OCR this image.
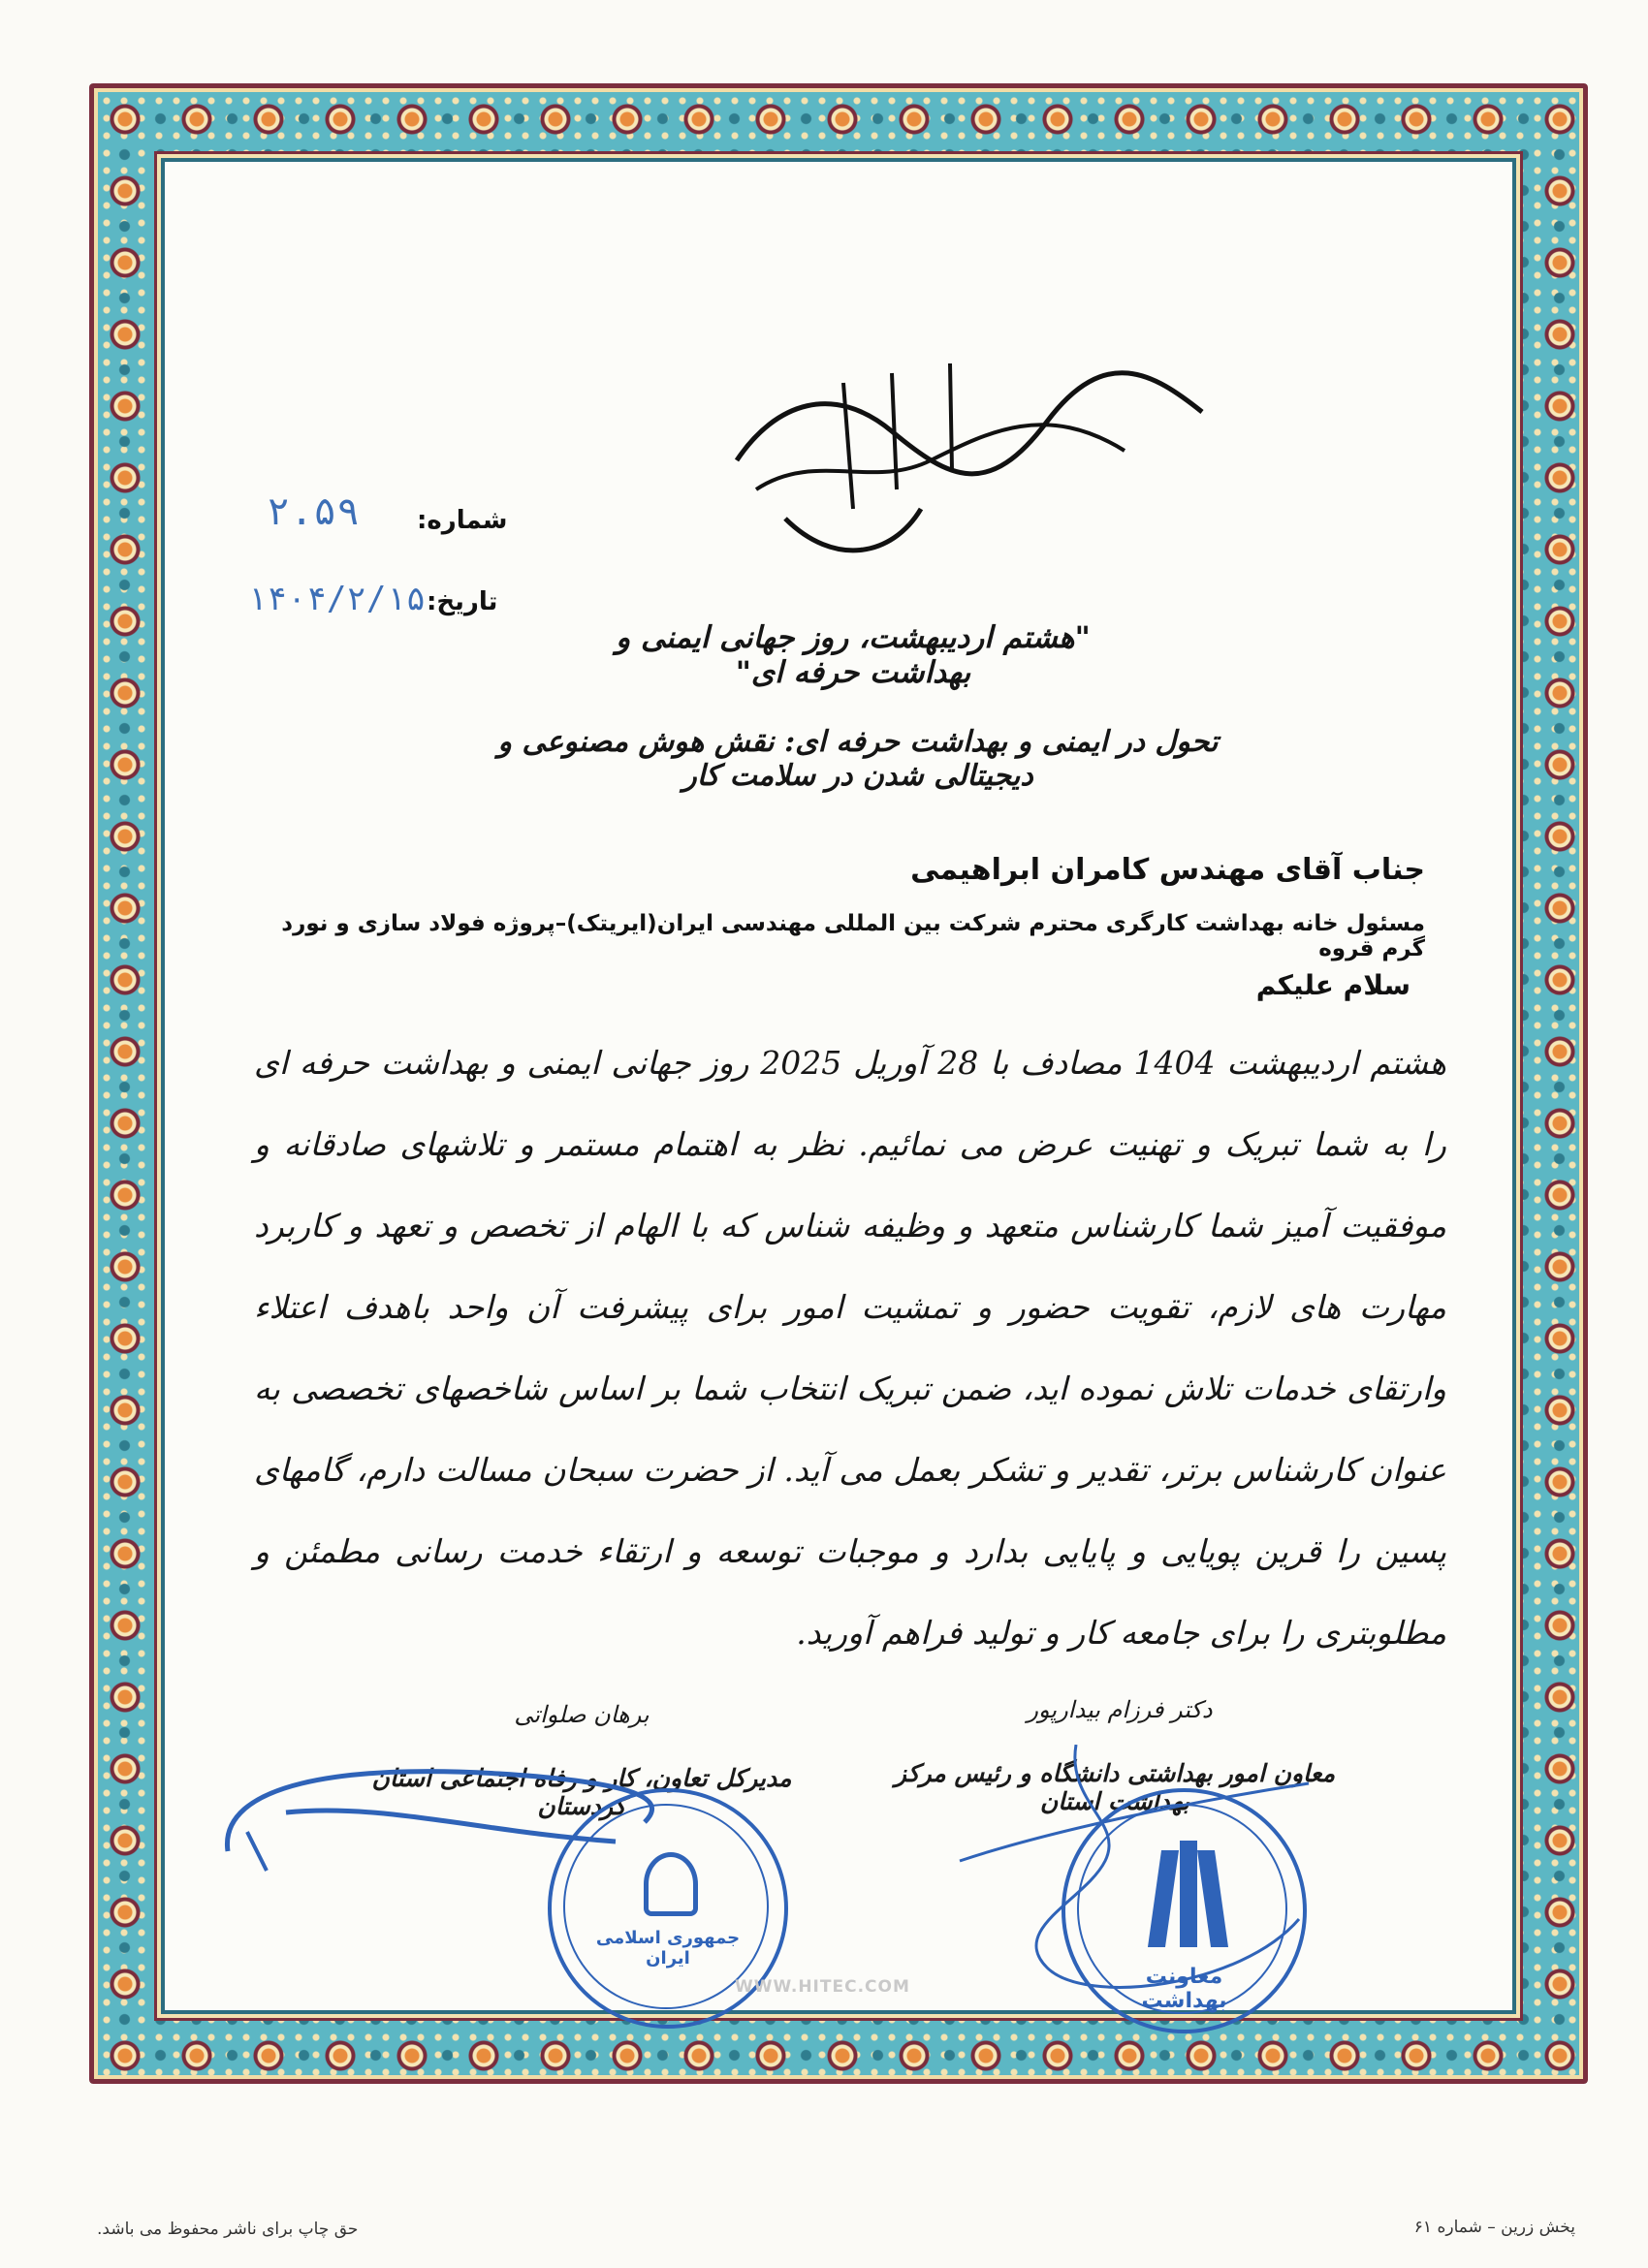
شماره:
۲.۵۹
تاریخ:
۱۴۰۴/۲/۱۵
"هشتم اردیبهشت، روز جهانی ایمنی و بهداشت حرفه ای"
تحول در ایمنی و بهداشت حرفه ای: نقش هوش مصنوعی و دیجیتالی شدن در سلامت کار
جناب آقای مهندس کامران ابراهیمی
مسئول خانه بهداشت کارگری محترم شرکت بین المللی مهندسی ایران(ایریتک)–پروژه فولاد سازی و نورد گرم قروه
سلام علیکم
هشتم اردیبهشت 1404 مصادف با 28 آوریل 2025 روز جهانی ایمنی و بهداشت حرفه ای را به شما تبریک و تهنیت عرض می نمائیم. نظر به اهتمام مستمر و تلاشهای صادقانه و موفقیت آمیز شما کارشناس متعهد و وظیفه شناس که با الهام از تخصص و تعهد و کاربرد مهارت های لازم، تقویت حضور و تمشیت امور برای پیشرفت آن واحد باهدف اعتلاء وارتقای خدمات تلاش نموده اید، ضمن تبریک انتخاب شما بر اساس شاخصهای تخصصی به عنوان کارشناس برتر، تقدیر و تشکر بعمل می آید. از حضرت سبحان مسالت دارم، گامهای پسین را قرین پویایی و پایایی بدارد و موجبات توسعه و ارتقاء خدمت رسانی مطمئن و مطلوبتری را برای جامعه کار و تولید فراهم آورید.
دکتر فرزام بیدارپور
معاون امور بهداشتی دانشگاه و رئیس مرکز بهداشت استان
معاونت بهداشت
برهان صلواتی
مدیرکل تعاون، کار و رفاه اجتماعی استان کردستان
جمهوری اسلامی ایران
WWW.HITEC.COM
پخش زرین – شماره ۶۱
حق چاپ برای ناشر محفوظ می باشد.
